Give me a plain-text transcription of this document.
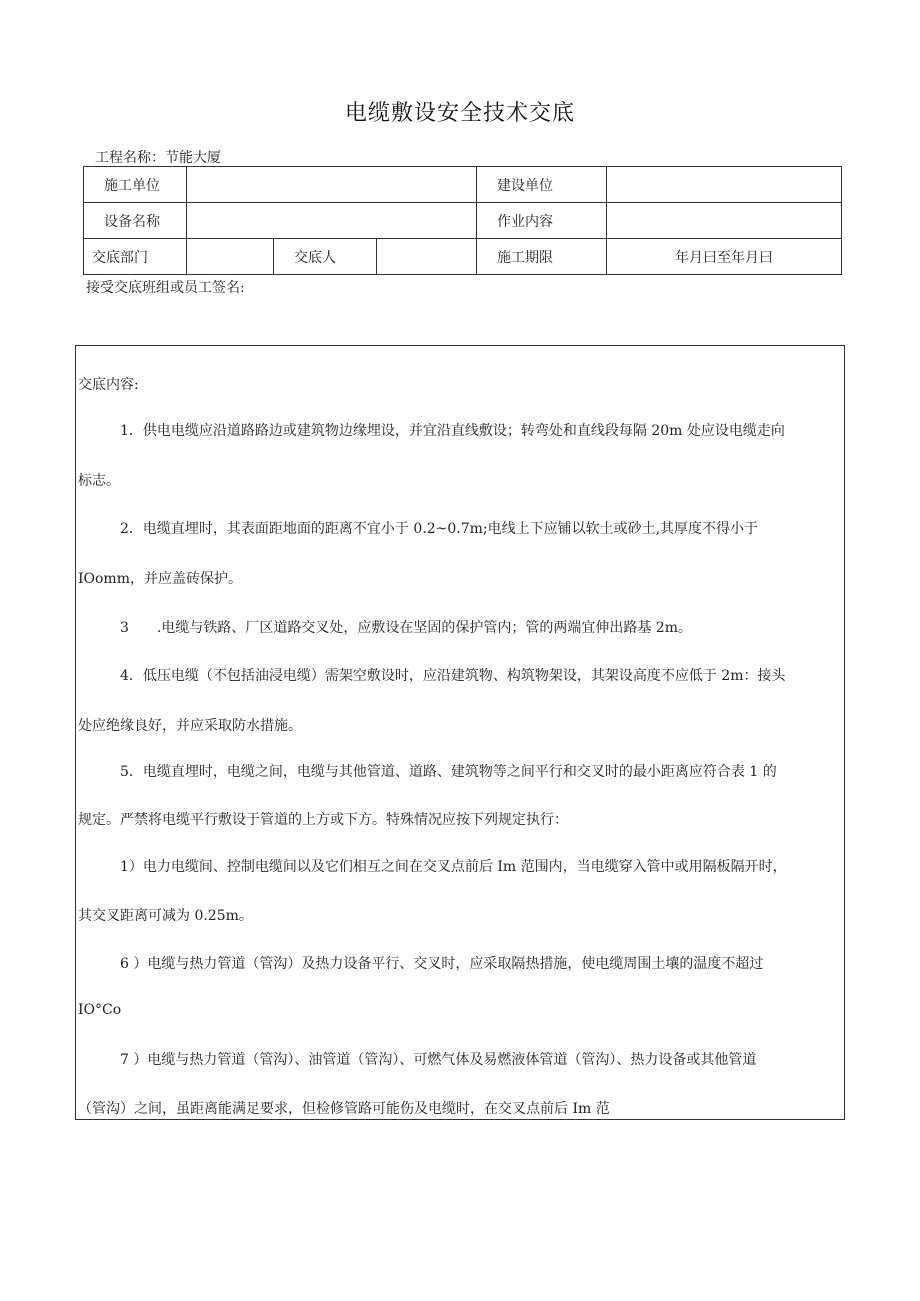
电缆敷设安全技术交底
工程名称：节能大厦
施工单位				建设单位	
设备名称				作业内容	
交底部门		交底人		施工期限	年月曰至年月曰
接受交底班组或员工签名:
交底内容:
1．供电电缆应沿道路路边或建筑物边缘埋设，并宜沿直线敷设；转弯处和直线段每隔 20m 处应设电缆走向
标志。
2．电缆直埋时，其表面距地面的距离不宜小于 0.2~0.7m;电线上下应铺以软土或砂土,其厚度不得小于
IOomm，并应盖砖保护。
3　　.电缆与铁路、厂区道路交叉处，应敷设在坚固的保护管内；管的两端宜伸出路基 2m。
4．低压电缆（不包括油浸电缆）需架空敷设时，应沿建筑物、构筑物架设，其架设高度不应低于 2m：接头
处应绝缘良好，并应采取防水措施。
5．电缆直埋时，电缆之间，电缆与其他管道、道路、建筑物等之间平行和交叉时的最小距离应符合表 1 的
规定。严禁将电缆平行敷设于管道的上方或下方。特殊情况应按下列规定执行：
1）电力电缆间、控制电缆间以及它们相互之间在交叉点前后 Im 范围内，当电缆穿入管中或用隔板隔开时，
其交叉距离可减为 0.25m。
6 ）电缆与热力管道（管沟）及热力设备平行、交叉时，应采取隔热措施，使电缆周围土壤的温度不超过
IO°Co
7 ）电缆与热力管道（管沟）、油管道（管沟）、可燃气体及易燃液体管道（管沟）、热力设备或其他管道
（管沟）之间，虽距离能满足要求，但检修管路可能伤及电缆时，在交叉点前后 Im 范
